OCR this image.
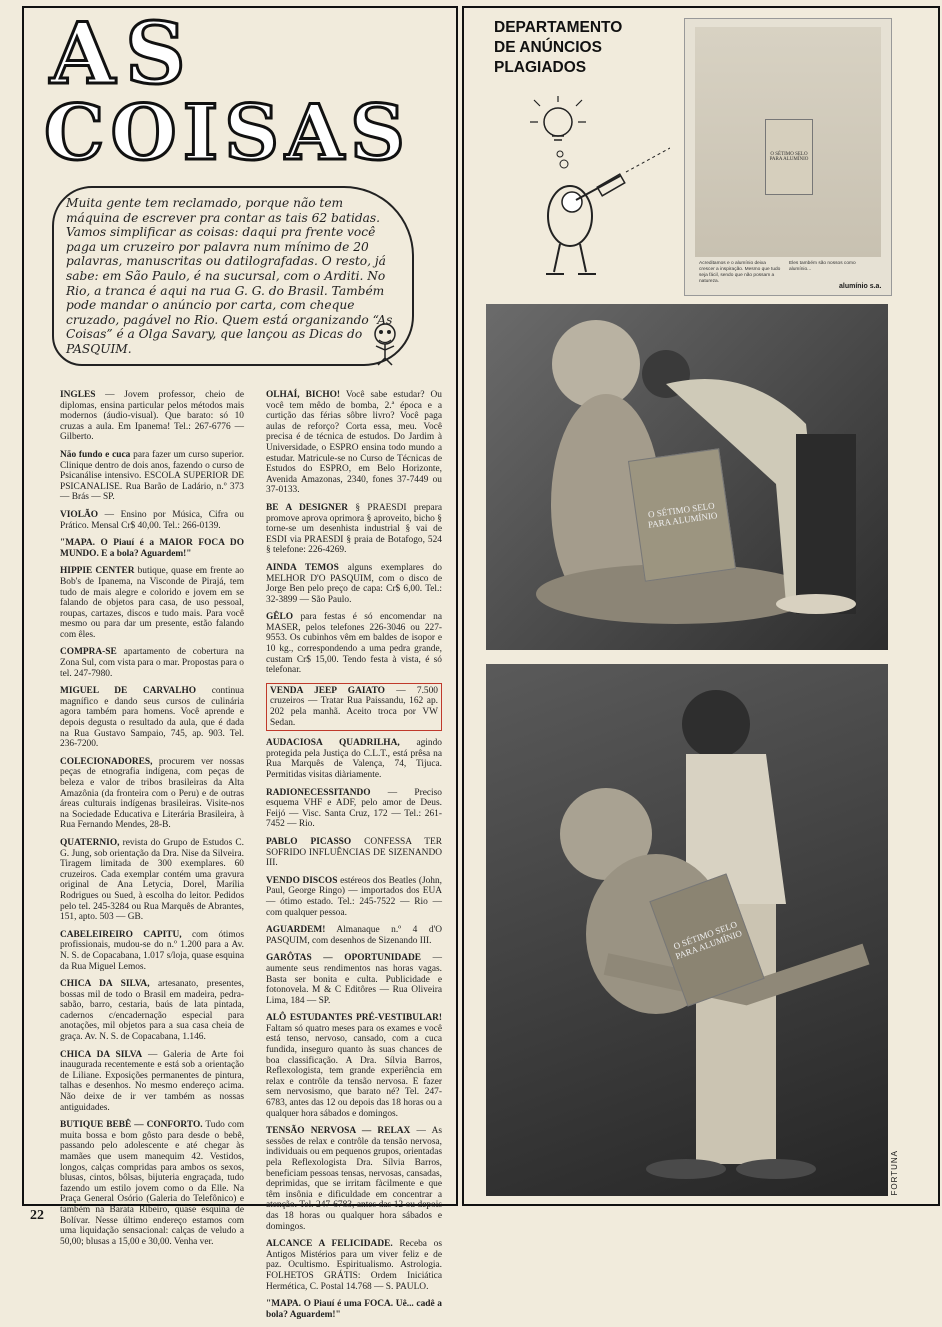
AS
COISAS
Muita gente tem reclamado, porque não tem máquina de escrever pra contar as tais 62 batidas. Vamos simplificar as coisas: daqui pra frente você paga um cruzeiro por palavra num mínimo de 20 palavras, manuscritas ou datilografadas. O resto, já sabe: em São Paulo, é na sucursal, com o Arditi. No Rio, a tranca é aqui na rua G. G. do Brasil. Também pode mandar o anúncio por carta, com cheque cruzado, pagável no Rio. Quem está organizando “As Coisas” é a Olga Savary, que lançou as Dicas do PASQUIM.

INGLES — Jovem professor, cheio de diplomas, ensina particular pelos métodos mais modernos (áudio-visual). Que barato: só 10 cruzas a aula. Em Ipanema! Tel.: 267-6776 — Gilberto.

Não fundo e cuca para fazer um curso superior. Clinique dentro de dois anos, fazendo o curso de Psicanálise intensivo. ESCOLA SUPERIOR DE PSICANALISE. Rua Barão de Ladário, n.º 373 — Brás — SP.

VIOLÃO — Ensino por Música, Cifra ou Prático. Mensal Cr$ 40,00. Tel.: 266-0139.

"MAPA. O Piauí é a MAIOR FOCA DO MUNDO. E a bola? Aguardem!"

HIPPIE CENTER butique, quase em frente ao Bob's de Ipanema, na Visconde de Pirajá, tem tudo de mais alegre e colorido e jovem em se falando de objetos para casa, de uso pessoal, roupas, cartazes, discos e tudo mais. Para você mesmo ou para dar um presente, estão falando com êles.

COMPRA-SE apartamento de cobertura na Zona Sul, com vista para o mar. Propostas para o tel. 247-7980.

MIGUEL DE CARVALHO continua magnífico e dando seus cursos de culinária agora também para homens. Você aprende e depois degusta o resultado da aula, que é dada na Rua Gustavo Sampaio, 745, ap. 903. Tel. 236-7200.

COLECIONADORES, procurem ver nossas peças de etnografia indígena, com peças de beleza e valor de tribos brasileiras da Alta Amazônia (da fronteira com o Peru) e de outras áreas culturais indígenas brasileiras. Visite-nos na Sociedade Educativa e Literária Brasileira, à Rua Fernando Mendes, 28-B.

QUATERNIO, revista do Grupo de Estudos C. G. Jung, sob orientação da Dra. Nise da Silveira. Tiragem limitada de 300 exemplares. 60 cruzeiros. Cada exemplar contém uma gravura original de Ana Letycia, Dorel, Marília Rodrigues ou Sued, à escolha do leitor. Pedidos pelo tel. 245-3284 ou Rua Marquês de Abrantes, 151, apto. 503 — GB.

CABELEIREIRO CAPITU, com ótimos profissionais, mudou-se do n.º 1.200 para a Av. N. S. de Copacabana, 1.017 s/loja, quase esquina da Rua Miguel Lemos.

CHICA DA SILVA, artesanato, presentes, bossas mil de todo o Brasil em madeira, pedra-sabão, barro, cestaria, baús de lata pintada, cadernos c/encadernação especial para anotações, mil objetos para a sua casa cheia de graça. Av. N. S. de Copacabana, 1.146.

CHICA DA SILVA — Galeria de Arte foi inaugurada recentemente e está sob a orientação de Liliane. Exposições permanentes de pintura, talhas e desenhos. No mesmo endereço acima. Não deixe de ir ver também as nossas antiguidades.

BUTIQUE BEBÊ — CONFORTO. Tudo com muita bossa e bom gôsto para desde o bebê, passando pelo adolescente e até chegar às mamães que usem manequim 42. Vestidos, longos, calças compridas para ambos os sexos, blusas, cintos, bôlsas, bijuteria engraçada, tudo fazendo um estilo jovem como o da Elle. Na Praça General Osório (Galeria do Telefônico) e também na Barata Ribeiro, quase esquina de Bolívar. Nesse último endereço estamos com uma liquidação sensacional: calças de veludo a 50,00; blusas a 15,00 e 30,00. Venha ver.

OLHAÍ, BICHO! Você sabe estudar? Ou você tem mêdo de bomba, 2.ª época e a curtição das férias sôbre livro? Você paga aulas de reforço? Corta essa, meu. Você precisa é de técnica de estudos. Do Jardim à Universidade, o ESPRO ensina todo mundo a estudar. Matricule-se no Curso de Técnicas de Estudos do ESPRO, em Belo Horizonte, Avenida Amazonas, 2340, fones 37-7449 ou 37-0133.

BE A DESIGNER § PRAESDI prepara promove aprova oprimora § aproveito, bicho § torne-se um desenhista industrial § vai de ESDI via PRAESDI § praia de Botafogo, 524 § telefone: 226-4269.

AINDA TEMOS alguns exemplares do MELHOR D'O PASQUIM, com o disco de Jorge Ben pelo preço de capa: Cr$ 6,00. Tel.: 32-3899 — São Paulo.

GÊLO para festas é só encomendar na MASER, pelos telefones 226-3046 ou 227-9553. Os cubinhos vêm em baldes de isopor e 10 kg., correspondendo a uma pedra grande, custam Cr$ 15,00. Tendo festa à vista, é só telefonar.

VENDA JEEP GAIATO — 7.500 cruzeiros — Tratar Rua Paissandu, 162 ap. 202 pela manhã. Aceito troca por VW Sedan.

AUDACIOSA QUADRILHA, agindo protegida pela Justiça do C.L.T., está prêsa na Rua Marquês de Valença, 74, Tijuca. Permitidas visitas diàriamente.

RADIONECESSITANDO — Preciso esquema VHF e ADF, pelo amor de Deus. Feijó — Visc. Santa Cruz, 172 — Tel.: 261-7452 — Rio.

PABLO PICASSO CONFESSA TER SOFRIDO INFLUÊNCIAS DE SIZENANDO III.

VENDO DISCOS estéreos dos Beatles (John, Paul, George Ringo) — importados dos EUA — ótimo estado. Tel.: 245-7522 — Rio — com qualquer pessoa.

AGUARDEM! Almanaque n.º 4 d'O PASQUIM, com desenhos de Sizenando III.

GARÔTAS — OPORTUNIDADE — aumente seus rendimentos nas horas vagas. Basta ser bonita e culta. Publicidade e fotonovela. M & C Editôres — Rua Oliveira Lima, 184 — SP.

ALÔ ESTUDANTES PRÉ-VESTIBULAR! Faltam só quatro meses para os exames e você está tenso, nervoso, cansado, com a cuca fundida, inseguro quanto às suas chances de boa classificação. A Dra. Sílvia Barros, Reflexologista, tem grande experiência em relax e contrôle da tensão nervosa. E fazer sem nervosismo, que barato né? Tel. 247-6783, antes das 12 ou depois das 18 horas ou a qualquer hora sábados e domingos.

TENSÃO NERVOSA — RELAX — As sessões de relax e contrôle da tensão nervosa, individuais ou em pequenos grupos, orientadas pela Reflexologista Dra. Sílvia Barros, beneficiam pessoas tensas, nervosas, cansadas, deprimidas, que se irritam fàcilmente e que têm insônia e dificuldade em concentrar a atenção. Tel. 247-6783, antes das 12 ou depois das 18 horas ou qualquer hora sábados e domingos.

ALCANCE A FELICIDADE. Receba os Antigos Mistérios para um viver feliz e de paz. Ocultismo. Espiritualismo. Astrologia. FOLHETOS GRÁTIS: Ordem Iniciática Hermética, C. Postal 14.768 — S. PAULO.

"MAPA. O Piauí é uma FOCA. Uê... cadê a bola? Aguardem!"

22
DEPARTAMENTO
DE ANÚNCIOS
PLAGIADOS
O SÉTIMO SELO PARA ALUMÍNIO
Acreditamos e o alumínio deixa crescer a inspiração. Mesmo que tudo seja fácil, sendo que não possam a natureza.
Eles também são nossos como alumínio...
alumínio s.a.
O SÉTIMO SELO PARA ALUMÍNIO
O SÉTIMO SELO PARA ALUMÍNIO
FORTUNA
